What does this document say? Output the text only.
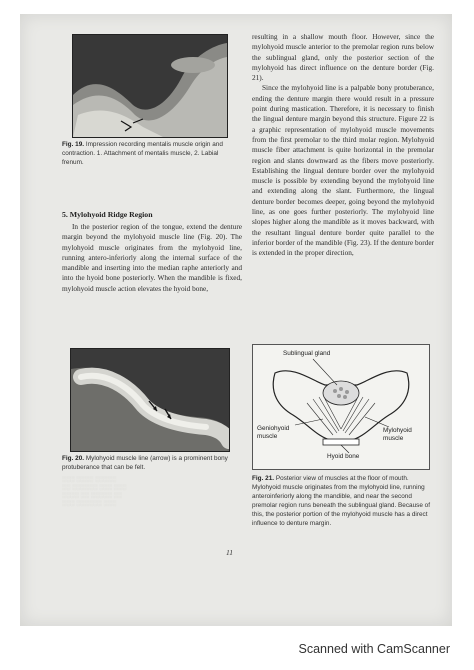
Fig. 19. Impression recording mentalis muscle origin and contraction. 1. Attachment of mentalis muscle, 2. Labial frenum.
5. Mylohyoid Ridge Region

In the posterior region of the tongue, extend the denture margin beyond the mylohyoid muscle line (Fig. 20). The mylohyoid muscle originates from the mylohyoid line, running antero-inferiorly along the internal surface of the mandible and inserting into the median raphe anteriorly and into the hyoid bone posteriorly. When the mandible is fixed, mylohyoid muscle action elevates the hyoid bone,

resulting in a shallow mouth floor. However, since the mylohyoid muscle anterior to the premolar region runs below the sublingual gland, only the posterior section of the mylohyoid has direct influence on the denture border (Fig. 21).

Since the mylohyoid line is a palpable bony protuberance, ending the denture margin there would result in a pressure point during mastication. Therefore, it is necessary to finish the lingual denture margin beyond this structure. Figure 22 is a graphic representation of mylohyoid muscle movements from the first premolar to the third molar region. Mylohyoid muscle fiber attachment is quite horizontal in the premolar region and slants downward as the fibers move posteriorly. Establishing the lingual denture border over the mylohyoid muscle is possible by extending beyond the mylohyoid line and extending along the slant. Furthermore, the lingual denture border becomes deeper, going beyond the mylohyoid line, as one goes further posteriorly. The mylohyoid line slopes higher along the mandible as it moves backward, with the resultant lingual denture border quite parallel to the inferior border of the mandible (Fig. 23). If the denture border is extended in the proper direction,

Fig. 20. Mylohyoid muscle line (arrow) is a prominent bony protuberance that can be felt.
░░░ ░░░░ ░░░░░
░░ ░░░░░░ ░░░ ░░░
░░░░ ░░ ░░░░░ ░░
░░░ ░░░░░░ ░░░
Sublingual gland
Geniohyoid muscle
Mylohyoid muscle
Hyoid bone
Fig. 21. Posterior view of muscles at the floor of mouth. Mylohyoid muscle originates from the mylohyoid line, running anteroinferiorly along the mandible, and near the second premolar region runs beneath the sublingual gland. Because of this, the posterior portion of the mylohyoid muscle has a direct influence to denture margin.
11
Scanned with CamScanner
